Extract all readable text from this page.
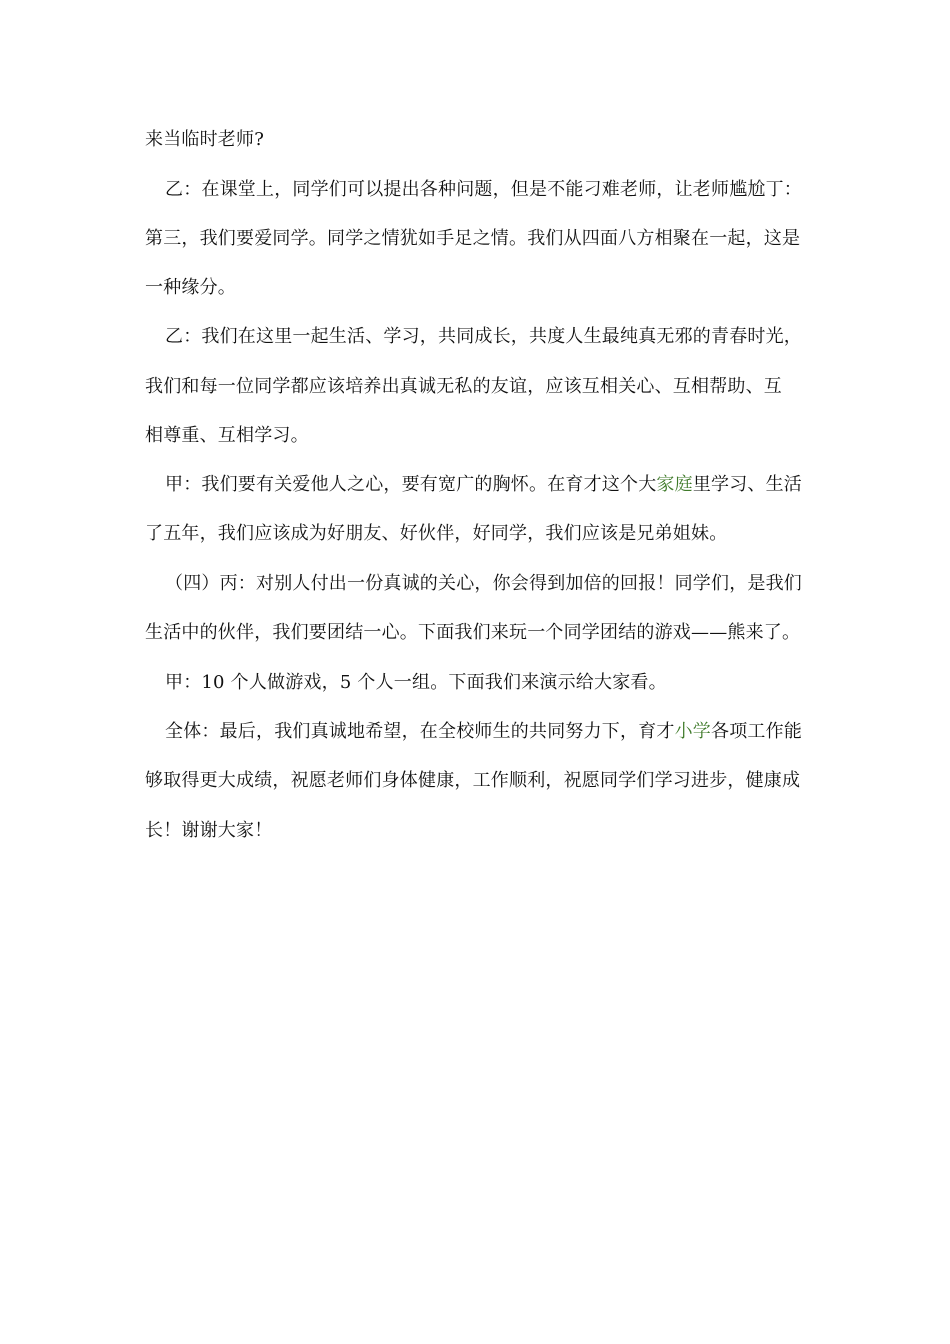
来当临时老师?
乙：在课堂上，同学们可以提出各种问题，但是不能刁难老师，让老师尴尬丁：
第三，我们要爱同学。同学之情犹如手足之情。我们从四面八方相聚在一起，这是
一种缘分。
乙：我们在这里一起生活、学习，共同成长，共度人生最纯真无邪的青春时光，
我们和每一位同学都应该培养出真诚无私的友谊，应该互相关心、互相帮助、互
相尊重、互相学习。
甲：我们要有关爱他人之心，要有宽广的胸怀。在育才这个大家庭里学习、生活
了五年，我们应该成为好朋友、好伙伴，好同学，我们应该是兄弟姐妹。
（四）丙：对别人付出一份真诚的关心，你会得到加倍的回报！同学们，是我们
生活中的伙伴，我们要团结一心。下面我们来玩一个同学团结的游戏——熊来了。
甲：10 个人做游戏，5 个人一组。下面我们来演示给大家看。
全体：最后，我们真诚地希望，在全校师生的共同努力下，育才小学各项工作能
够取得更大成绩，祝愿老师们身体健康，工作顺利，祝愿同学们学习进步，健康成
长！谢谢大家！
